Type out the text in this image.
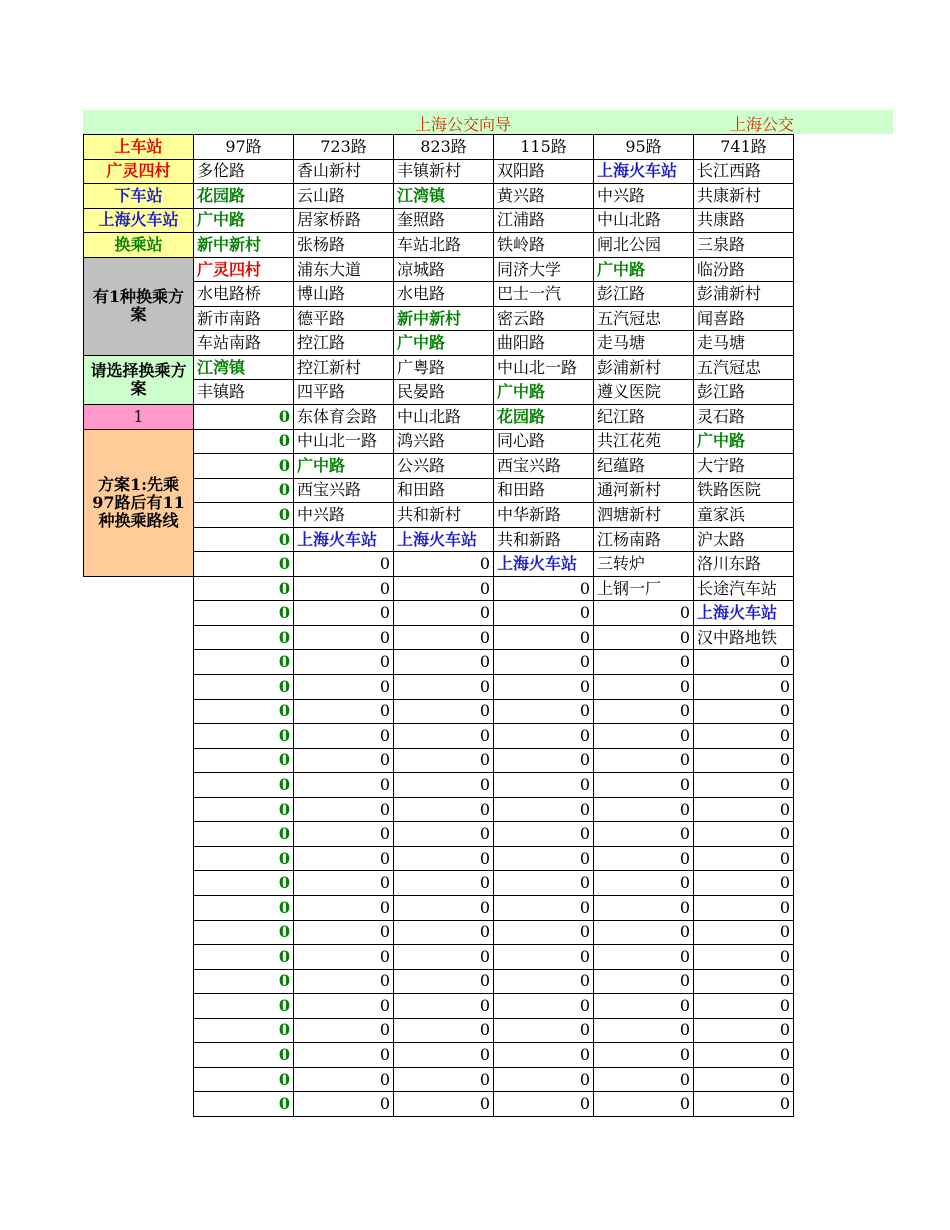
上海公交向导	上海公交
上车站	97路	723路	823路	115路	95路	741路
广灵四村	多伦路	香山新村	丰镇新村	双阳路	上海火车站	长江西路
下车站	花园路	云山路	江湾镇	黄兴路	中兴路	共康新村
上海火车站	广中路	居家桥路	奎照路	江浦路	中山北路	共康路
换乘站	新中新村	张杨路	车站北路	铁岭路	闸北公园	三泉路
有1种换乘方案	广灵四村	浦东大道	凉城路	同济大学	广中路	临汾路
	水电路桥	博山路	水电路	巴士一汽	彭江路	彭浦新村
	新市南路	德平路	新中新村	密云路	五汽冠忠	闻喜路
	车站南路	控江路	广中路	曲阳路	走马塘	走马塘
请选择换乘方案	江湾镇	控江新村	广粤路	中山北一路	彭浦新村	五汽冠忠
	丰镇路	四平路	民晏路	广中路	遵义医院	彭江路
1	0	东体育会路	中山北路	花园路	纪江路	灵石路
方案1:先乘97路后有11种换乘路线	0	中山北一路	鸿兴路	同心路	共江花苑	广中路
	0	广中路	公兴路	西宝兴路	纪蕴路	大宁路
	0	西宝兴路	和田路	和田路	通河新村	铁路医院
	0	中兴路	共和新村	中华新路	泗塘新村	童家浜
	0	上海火车站	上海火车站	共和新路	江杨南路	沪太路
	0	0	0	上海火车站	三转炉	洛川东路
	0	0	0	0	上钢一厂	长途汽车站
	0	0	0	0	0	上海火车站
	0	0	0	0	0	汉中路地铁
	0	0	0	0	0	0
	0	0	0	0	0	0
	0	0	0	0	0	0
	0	0	0	0	0	0
	0	0	0	0	0	0
	0	0	0	0	0	0
	0	0	0	0	0	0
	0	0	0	0	0	0
	0	0	0	0	0	0
	0	0	0	0	0	0
	0	0	0	0	0	0
	0	0	0	0	0	0
	0	0	0	0	0	0
	0	0	0	0	0	0
	0	0	0	0	0	0
	0	0	0	0	0	0
	0	0	0	0	0	0
	0	0	0	0	0	0
	0	0	0	0	0	0
